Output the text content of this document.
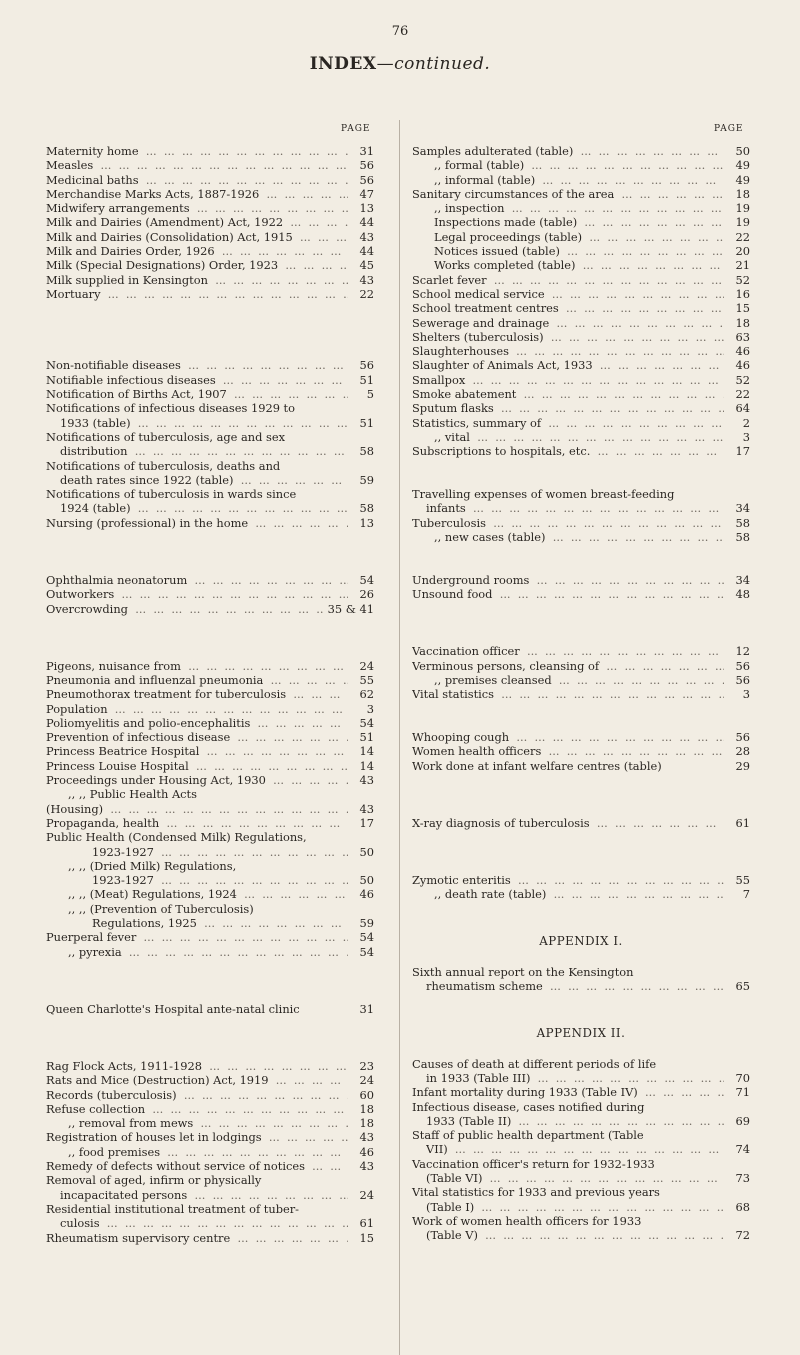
76
INDEX—continued.
PAGE	PAGE
Maternity home ...	31
Measles ...	56
Medicinal baths ...	56
Merchandise Marks Acts, 1887-1926 ...	47
Midwifery arrangements ...	13
Milk and Dairies (Amendment) Act, 1922 ...	44
Milk and Dairies (Consolidation) Act, 1915 ...	43
Milk and Dairies Order, 1926 ...	44
Milk (Special Designations) Order, 1923 ...	45
Milk supplied in Kensington ...	43
Mortuary ...	22
Non-notifiable diseases ...	56
Notifiable infectious diseases ...	51
Notification of Births Act, 1907 ...	5
Notifications of infectious diseases 1929 to
1933 (table) ...	51
Notifications of tuberculosis, age and sex
distribution ...	58
Notifications of tuberculosis, deaths and
death rates since 1922 (table) ...	59
Notifications of tuberculosis in wards since
1924 (table) ...	58
Nursing (professional) in the home ...	13
Ophthalmia neonatorum ...	54
Outworkers ...	26
Overcrowding ...	35 & 41
Pigeons, nuisance from ...	24
Pneumonia and influenzal pneumonia ...	55
Pneumothorax treatment for tuberculosis ...	62
Population ...	3
Poliomyelitis and polio-encephalitis ...	54
Prevention of infectious disease ...	51
Princess Beatrice Hospital ...	14
Princess Louise Hospital ...	14
Proceedings under Housing Act, 1930 ...	43
,, ,, Public Health Acts
(Housing) ...	43
Propaganda, health ...	17
Public Health (Condensed Milk) Regulations,
1923-1927 ...	50
,, ,, (Dried Milk) Regulations,
1923-1927 ...	50
,, ,, (Meat) Regulations, 1924 ...	46
,, ,, (Prevention of Tuberculosis)
Regulations, 1925 ...	59
Puerperal fever ...	54
,, pyrexia ...	54
Queen Charlotte's Hospital ante-natal clinic	31
Rag Flock Acts, 1911-1928 ...	23
Rats and Mice (Destruction) Act, 1919 ...	24
Records (tuberculosis) ...	60
Refuse collection ...	18
,, removal from mews ...	18
Registration of houses let in lodgings ...	43
,, food premises ...	46
Remedy of defects without service of notices ...	43
Removal of aged, infirm or physically
incapacitated persons ...	24
Residential institutional treatment of tuber-
culosis ...	61
Rheumatism supervisory centre ...	15
Samples adulterated (table) ...	50
,, formal (table) ...	49
,, informal (table) ...	49
Sanitary circumstances of the area ...	18
,, inspection ...	19
Inspections made (table) ...	19
Legal proceedings (table) ...	22
Notices issued (table) ...	20
Works completed (table) ...	21
Scarlet fever ...	52
School medical service ...	16
School treatment centres ...	15
Sewerage and drainage ...	18
Shelters (tuberculosis) ...	63
Slaughterhouses ...	46
Slaughter of Animals Act, 1933 ...	46
Smallpox ...	52
Smoke abatement ...	22
Sputum flasks ...	64
Statistics, summary of ...	2
,, vital ...	3
Subscriptions to hospitals, etc. ...	17
Travelling expenses of women breast-feeding
infants ...	34
Tuberculosis ...	58
,, new cases (table) ...	58
Underground rooms ...	34
Unsound food ...	48
Vaccination officer ...	12
Verminous persons, cleansing of ...	56
,, premises cleansed ...	56
Vital statistics ...	3
Whooping cough ...	56
Women health officers ...	28
Work done at infant welfare centres (table)	29
X-ray diagnosis of tuberculosis ...	61
Zymotic enteritis ...	55
,, death rate (table) ...	7
APPENDIX I.
Sixth annual report on the Kensington
rheumatism scheme ...	65
APPENDIX II.
Causes of death at different periods of life
in 1933 (Table III) ...	70
Infant mortality during 1933 (Table IV) ...	71
Infectious disease, cases notified during
1933 (Table II) ...	69
Staff of public health department (Table
VII) ...	74
Vaccination officer's return for 1932-1933
(Table VI) ...	73
Vital statistics for 1933 and previous years
(Table I) ...	68
Work of women health officers for 1933
(Table V) ...	72
